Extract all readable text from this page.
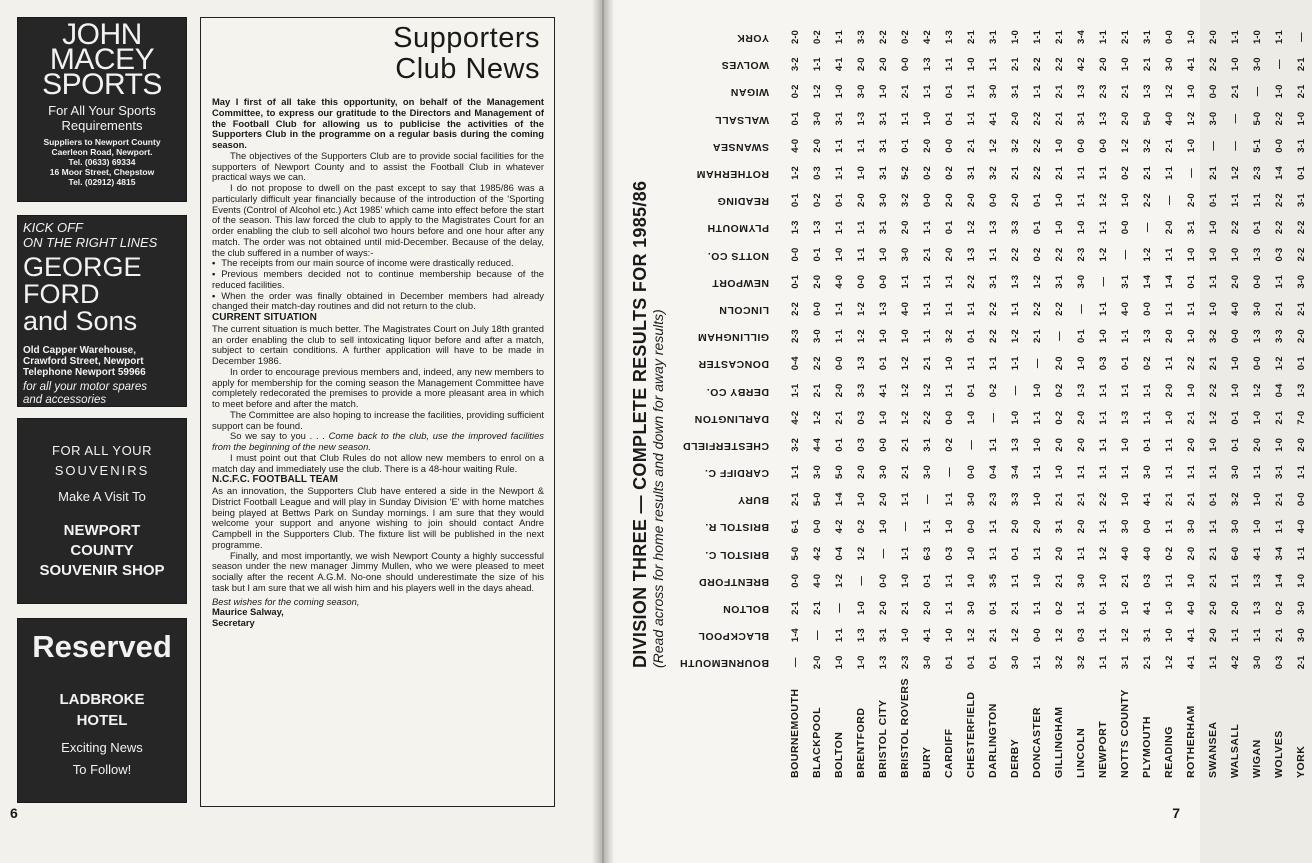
JOHN
MACEY
SPORTS
For All Your Sports
Requirements
Suppliers to Newport County
Caerleon Road, Newport.
Tel. (0633) 69334
16 Moor Street, Chepstow
Tel. (02912) 4815
KICK OFF
ON THE RIGHT LINES
GEORGE
FORD
and Sons
Old Capper Warehouse,
Crawford Street, Newport
Telephone Newport 59966
for all your motor spares
and accessories
FOR ALL YOUR
SOUVENIRS
Make A Visit To
NEWPORT
COUNTY
SOUVENIR SHOP
Reserved
LADBROKE
HOTEL
Exciting News
To Follow!
Supporters
Club News

May I first of all take this opportunity, on behalf of the Management Committee, to express our gratitude to the Directors and Management of the Football Club for allowing us to publicise the activities of the Supporters Club in the programme on a regular basis during the coming season.

The objectives of the Supporters Club are to provide social facilities for the supporters of Newport County and to assist the Football Club in whatever practical ways we can.

I do not propose to dwell on the past except to say that 1985/86 was a particularly difficult year financially because of the introduction of the 'Sporting Events (Control of Alcohol etc.) Act 1985' which came into effect before the start of the season. This law forced the club to apply to the Magistrates Court for an order enabling the club to sell alcohol two hours before and one hour after any match. The order was not obtained until mid-December. Because of the delay, the club suffered in a number of ways:-

• The receipts from our main source of income were drastically reduced.

• Previous members decided not to continue membership because of the reduced facilities.

• When the order was finally obtained in December members had already changed their match-day routines and did not return to the club.

CURRENT SITUATION

The current situation is much better. The Magistrates Court on July 18th granted an order enabling the club to sell intoxicating liquor before and after a match, subject to certain conditions. A further application will have to be made in December 1986.

In order to encourage previous members and, indeed, any new members to apply for membership for the coming season the Management Committee have completely redecorated the premises to provide a more pleasant area in which to meet before and after the match.

The Committee are also hoping to increase the facilities, providing sufficient support can be found.

So we say to you . . . Come back to the club, use the improved facilities from the beginning of the new season.

I must point out that Club Rules do not allow new members to enrol on a match day and immediately use the club. There is a 48-hour waiting Rule.

N.C.F.C. FOOTBALL TEAM

As an innovation, the Supporters Club have entered a side in the Newport & District Football League and will play in Sunday Division 'E' with home matches being played at Bettws Park on Sunday mornings. I am sure that they would welcome your support and anyone wishing to join should contact Andre Campbell in the Supporters Club. The fixture list will be published in the next programme.

Finally, and most importantly, we wish Newport County a highly successful season under the new manager Jimmy Mullen, who we were pleased to meet socially after the recent A.G.M. No-one should underestimate the size of his task but I am sure that we all wish him and his players well in the days ahead.

Best wishes for the coming season,

Maurice Salway,

Secretary

6	7
DIVISION THREE — COMPLETE RESULTS FOR 1985/86 (Read across for home results and down for away results)

	BOURNEMOUTH	BLACKPOOL	BOLTON	BRENTFORD	BRISTOL C.	BRISTOL R.	BURY	CARDIFF C.	CHESTERFIELD	DARLINGTON	DERBY CO.	DONCASTER	GILLINGHAM	LINCOLN	NEWPORT	NOTTS CO.	PLYMOUTH	READING	ROTHERHAM	SWANSEA	WALSALL	WIGAN	WOLVES	YORK

BOURNEMOUTH	—	1-4	2-1	0-0	5-0	6-1	2-1	1-1	3-2	4-2	1-1	0-4	2-3	2-2	0-1	0-0	1-3	0-1	1-2	4-0	0-1	0-2	3-2	2-0
BLACKPOOL	2-0	—	2-1	4-0	4-2	0-0	5-0	3-0	4-4	1-2	2-1	2-2	3-0	0-0	2-0	0-1	1-3	0-2	0-3	2-0	3-0	1-2	1-1	0-2
BOLTON	1-0	1-1	—	1-2	0-4	4-2	1-4	5-0	0-1	2-1	2-0	0-0	1-1	1-1	4-0	1-0	1-1	0-1	1-1	1-1	3-1	1-0	4-1	1-1
BRENTFORD	1-0	1-3	1-0	—	1-2	0-2	1-0	2-0	0-3	0-3	3-3	1-3	1-2	1-2	0-0	1-1	1-1	2-0	1-0	1-1	1-3	3-0	2-0	3-3
BRISTOL CITY	1-3	3-1	2-0	0-0	—	1-0	2-0	3-0	0-0	1-0	4-1	0-1	1-0	1-3	0-0	1-0	3-1	3-0	3-1	3-1	3-1	1-0	2-0	2-2
BRISTOL ROVERS	2-3	1-0	2-1	1-0	1-1	—	1-1	2-1	2-1	1-2	1-2	1-2	1-0	4-0	1-1	3-0	2-0	3-2	5-2	0-1	1-1	2-1	0-0	0-2
BURY	3-0	4-1	2-0	0-1	6-3	1-1	—	3-0	3-1	2-2	1-2	2-1	1-1	1-1	1-1	2-1	1-1	0-0	0-2	2-0	1-0	1-1	1-3	4-2
CARDIFF	0-1	1-0	1-1	1-1	0-3	1-0	1-1	—	0-2	0-0	1-1	1-0	3-2	1-1	1-1	2-0	0-1	2-0	0-2	0-0	0-1	0-1	1-1	1-3
CHESTERFIELD	0-1	1-2	3-0	1-0	1-0	0-0	3-0	0-0	—	1-0	0-1	1-1	0-1	1-1	2-2	1-3	1-2	2-0	3-1	2-1	1-1	1-1	1-0	2-1
DARLINGTON	0-1	2-1	0-1	3-5	1-1	1-1	2-3	0-4	1-1	—	0-2	1-1	2-2	2-2	3-1	1-1	1-3	0-0	3-2	1-2	4-1	3-0	1-1	3-1
DERBY	3-0	1-2	2-1	1-1	0-1	2-0	3-3	3-4	1-3	1-0	—	1-1	1-2	1-1	1-3	2-2	3-3	2-0	2-1	3-2	2-0	3-1	2-1	1-0
DONCASTER	1-1	0-0	1-1	1-0	1-1	2-0	1-0	1-1	1-0	1-1	1-0	—	2-1	2-2	1-2	0-2	0-1	0-1	2-2	2-2	2-2	1-1	2-2	1-1
GILLINGHAM	3-2	1-2	0-2	2-1	2-0	3-1	2-1	1-0	2-0	0-2	0-2	2-0	—	2-2	3-1	2-2	1-0	1-0	2-1	1-0	2-1	2-1	2-2	2-1
LINCOLN	3-2	0-3	1-1	3-0	1-1	2-0	2-1	1-1	2-0	2-0	1-3	1-0	0-1	—	3-0	2-3	1-0	1-1	1-1	0-0	3-1	1-3	4-2	3-4
NEWPORT	1-1	1-1	0-1	1-0	1-2	1-1	2-2	1-1	1-1	1-1	1-1	0-3	1-0	1-1	—	1-2	1-1	1-2	1-1	0-0	1-3	2-3	2-0	1-1
NOTTS COUNTY	3-1	1-2	1-0	2-1	4-0	3-0	1-0	1-1	1-0	1-3	1-1	0-1	1-1	4-0	3-1	—	0-0	1-0	0-2	1-2	2-0	2-1	1-0	2-1
PLYMOUTH	2-1	3-1	4-1	0-3	4-0	0-0	4-1	3-0	0-1	1-1	1-1	0-2	1-3	0-0	1-4	1-2	—	2-2	2-1	3-2	5-0	1-3	2-1	3-1
READING	1-2	1-0	1-0	1-1	0-2	1-1	2-1	1-1	1-1	1-0	2-0	1-1	2-0	1-1	1-4	1-1	2-0	—	1-1	2-1	4-0	1-2	3-0	0-0
ROTHERHAM	4-1	4-1	4-0	1-0	2-0	3-0	2-1	1-1	2-0	2-1	1-0	2-2	1-0	1-1	0-1	1-0	3-1	2-0	—	1-0	1-2	1-0	4-1	1-0
SWANSEA	1-1	2-0	2-0	2-1	2-1	1-1	0-1	1-1	1-0	1-2	2-2	2-1	3-2	1-0	1-1	1-0	1-0	0-1	2-1	—	3-0	0-0	2-2	2-0
WALSALL	4-2	1-1	2-0	1-1	6-0	3-0	3-2	3-0	0-1	0-1	1-0	1-0	0-0	4-0	2-0	1-0	2-2	1-1	1-2	—	—	2-1	1-0	1-1
WIGAN	3-0	1-1	1-3	1-3	4-1	1-0	1-0	1-1	2-0	1-0	1-2	0-0	1-3	3-0	0-0	1-3	0-1	1-1	2-3	5-1	5-0	—	3-0	1-0
WOLVES	0-3	2-1	0-2	1-4	3-4	1-1	2-1	3-1	1-0	2-1	0-4	1-2	3-3	2-1	1-1	0-3	2-2	2-2	1-4	0-0	2-2	1-0	—	1-1
YORK	2-1	3-0	3-0	1-0	1-1	4-0	0-0	1-1	2-0	7-0	1-3	0-1	2-0	2-1	3-0	2-2	2-2	3-1	0-1	3-1	1-0	2-1	2-1	—
